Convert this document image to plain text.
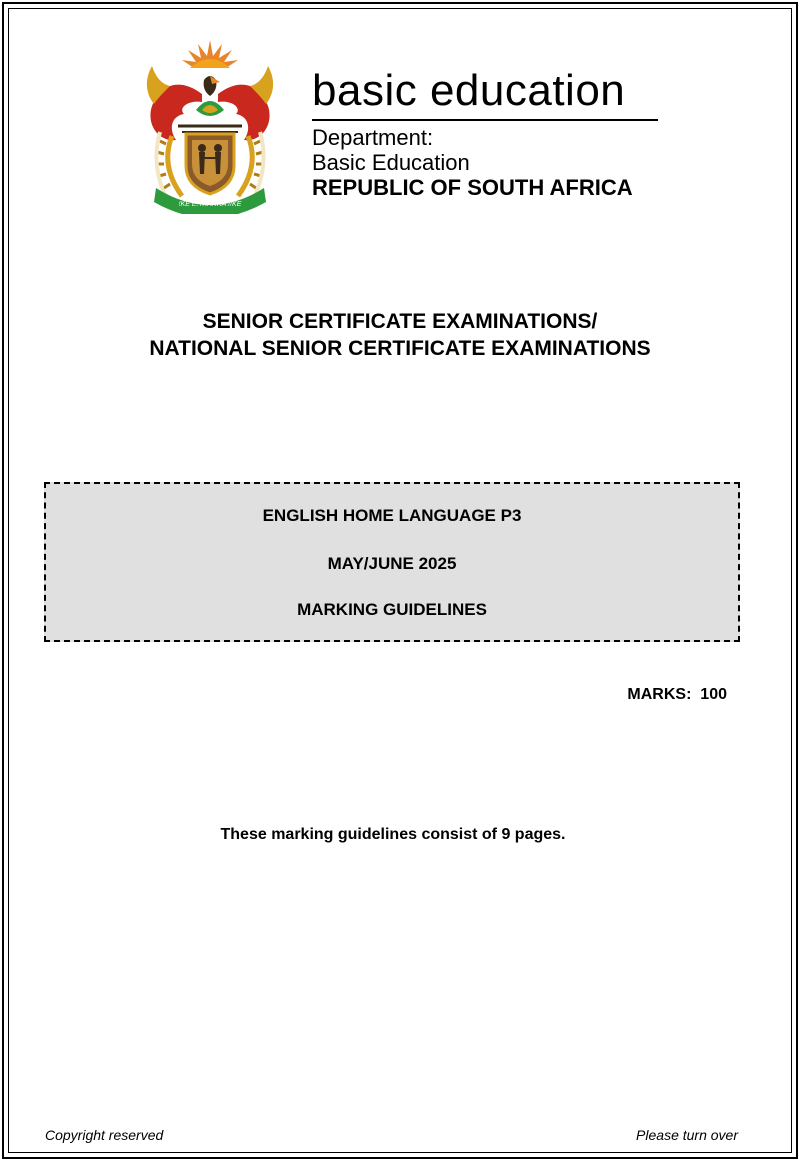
!KE E: /XARRA //KE
basic education
Department:
Basic Education
REPUBLIC OF SOUTH AFRICA
SENIOR CERTIFICATE EXAMINATIONS/
NATIONAL SENIOR CERTIFICATE EXAMINATIONS
ENGLISH HOME LANGUAGE P3
MAY/JUNE 2025
MARKING GUIDELINES
MARKS:  100
These marking guidelines consist of 9 pages.
Copyright reserved	Please turn over
